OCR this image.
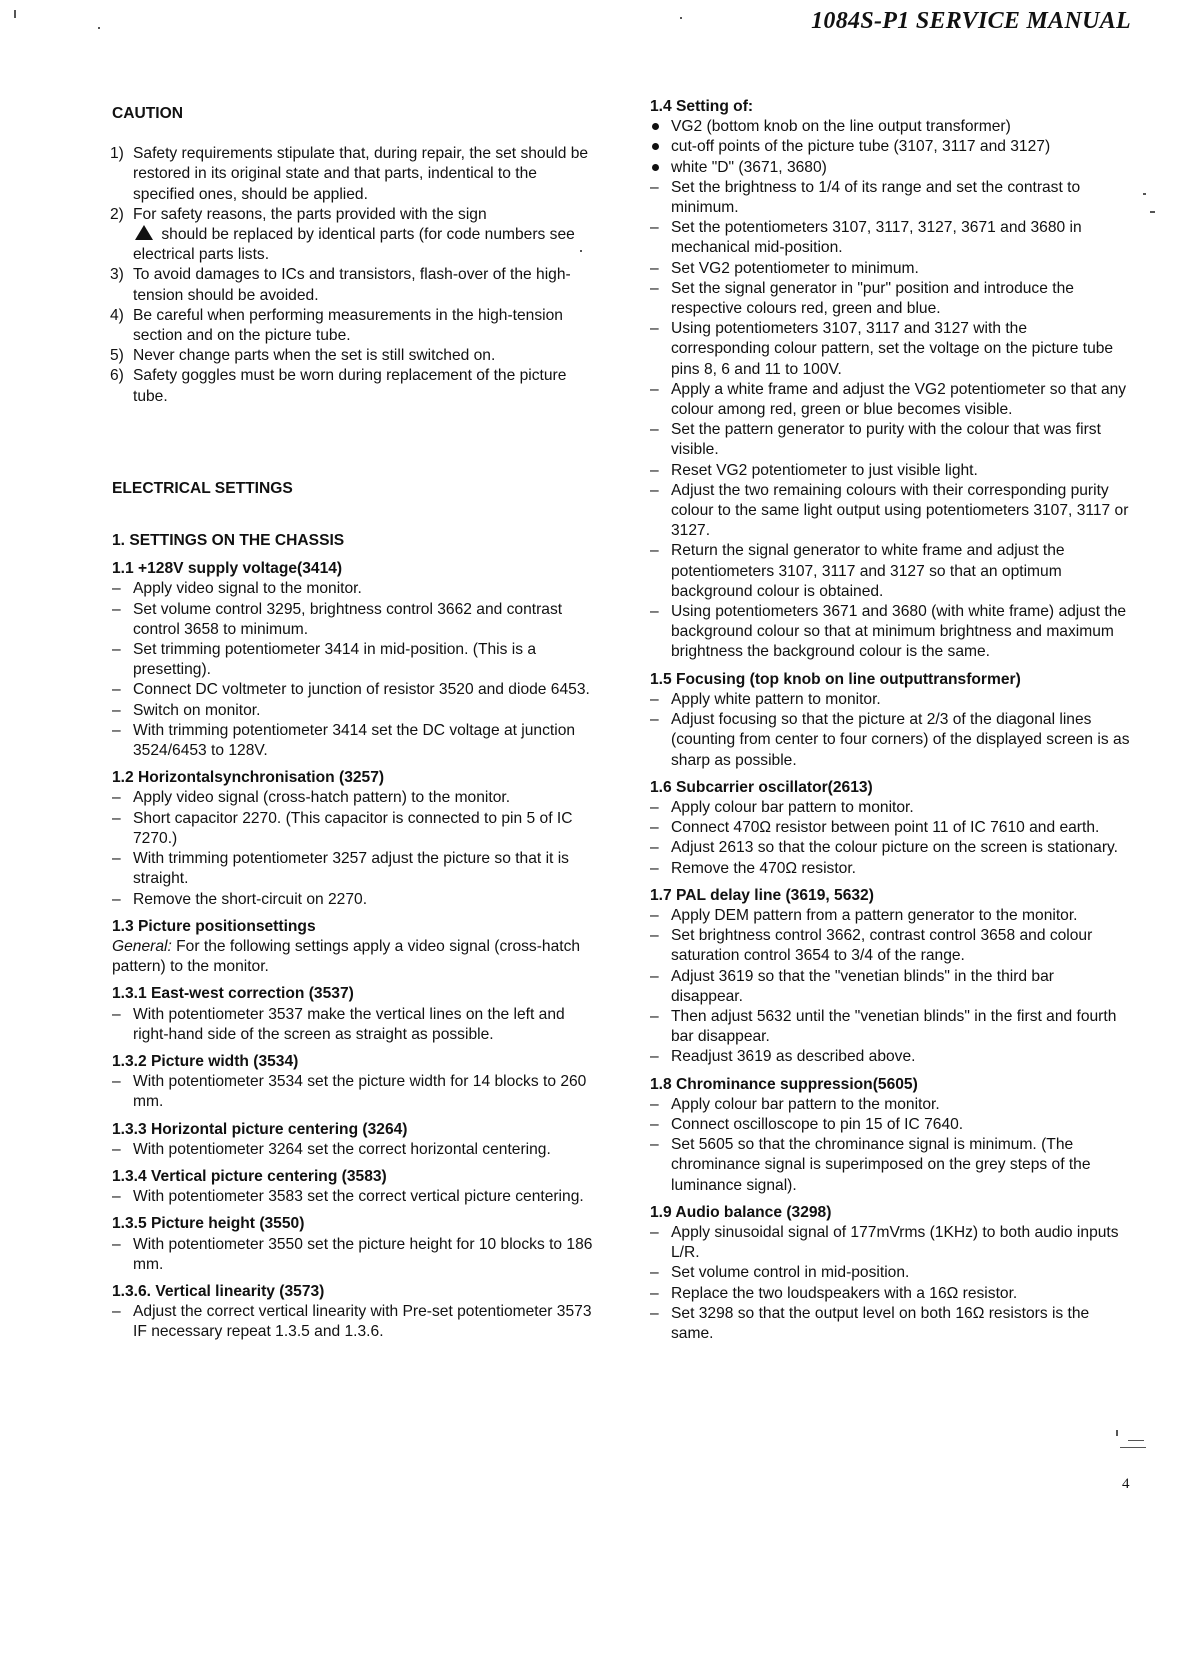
1084S-P1 SERVICE MANUAL
CAUTION
1) Safety requirements stipulate that, during repair, the set should be restored in its original state and that parts, indentical to the specified ones, should be applied.
2) For safety reasons, the parts provided with the sign
should be replaced by identical parts (for code numbers see electrical parts lists.
3) To avoid damages to ICs and transistors, flash-over of the high-tension should be avoided.
4) Be careful when performing measurements in the high-tension section and on the picture tube.
5) Never change parts when the set is still switched on.
6) Safety goggles must be worn during replacement of the picture tube.
ELECTRICAL SETTINGS
1. SETTINGS ON THE CHASSIS
1.1 +128V supply voltage(3414)
– Apply video signal to the monitor.
– Set volume control 3295, brightness control 3662 and contrast control 3658 to minimum.
– Set trimming potentiometer 3414 in mid-position. (This is a presetting).
– Connect DC voltmeter to junction of resistor 3520 and diode 6453.
– Switch on monitor.
– With trimming potentiometer 3414 set the DC voltage at junction 3524/6453 to 128V.
1.2 Horizontalsynchronisation (3257)
– Apply video signal (cross-hatch pattern) to the monitor.
– Short capacitor 2270. (This capacitor is connected to pin 5 of IC 7270.)
– With trimming potentiometer 3257 adjust the picture so that it is straight.
– Remove the short-circuit on 2270.
1.3 Picture positionsettings
General: For the following settings apply a video signal (cross-hatch pattern) to the monitor.
1.3.1 East-west correction (3537)
– With potentiometer 3537 make the vertical lines on the left and right-hand side of the screen as straight as possible.
1.3.2 Picture width (3534)
– With potentiometer 3534 set the picture width for 14 blocks to 260 mm.
1.3.3 Horizontal picture centering (3264)
– With potentiometer 3264 set the correct horizontal centering.
1.3.4 Vertical picture centering (3583)
– With potentiometer 3583 set the correct vertical picture centering.
1.3.5 Picture height (3550)
– With potentiometer 3550 set the picture height for 10 blocks to 186 mm.
1.3.6. Vertical linearity (3573)
– Adjust the correct vertical linearity with Pre-set potentiometer 3573 IF necessary repeat 1.3.5 and 1.3.6.
1.4 Setting of:
VG2 (bottom knob on the line output transformer)
cut-off points of the picture tube (3107, 3117 and 3127)
white "D" (3671, 3680)
– Set the brightness to 1/4 of its range and set the contrast to minimum.
– Set the potentiometers 3107, 3117, 3127, 3671 and 3680 in mechanical mid-position.
– Set VG2 potentiometer to minimum.
– Set the signal generator in "pur" position and introduce the respective colours red, green and blue.
– Using potentiometers 3107, 3117 and 3127 with the corresponding colour pattern, set the voltage on the picture tube pins 8, 6 and 11 to 100V.
– Apply a white frame and adjust the VG2 potentiometer so that any colour among red, green or blue becomes visible.
– Set the pattern generator to purity with the colour that was first visible.
– Reset VG2 potentiometer to just visible light.
– Adjust the two remaining colours with their corresponding purity colour to the same light output using potentiometers 3107, 3117 or 3127.
– Return the signal generator to white frame and adjust the potentiometers 3107, 3117 and 3127 so that an optimum background colour is obtained.
– Using potentiometers 3671 and 3680 (with white frame) adjust the background colour so that at minimum brightness and maximum brightness the background colour is the same.
1.5 Focusing (top knob on line outputtransformer)
– Apply white pattern to monitor.
– Adjust focusing so that the picture at 2/3 of the diagonal lines (counting from center to four corners) of the displayed screen is as sharp as possible.
1.6 Subcarrier oscillator(2613)
– Apply colour bar pattern to monitor.
– Connect 470Ω resistor between point 11 of IC 7610 and earth.
– Adjust 2613 so that the colour picture on the screen is stationary.
– Remove the 470Ω resistor.
1.7 PAL delay line (3619, 5632)
– Apply DEM pattern from a pattern generator to the monitor.
– Set brightness control 3662, contrast control 3658 and colour saturation control 3654 to 3/4 of the range.
– Adjust 3619 so that the "venetian blinds" in the third bar disappear.
– Then adjust 5632 until the "venetian blinds" in the first and fourth bar disappear.
– Readjust 3619 as described above.
1.8 Chrominance suppression(5605)
– Apply colour bar pattern to the monitor.
– Connect oscilloscope to pin 15 of IC 7640.
– Set 5605 so that the chrominance signal is minimum. (The chrominance signal is superimposed on the grey steps of the luminance signal).
1.9 Audio balance (3298)
– Apply sinusoidal signal of 177mVrms (1KHz) to both audio inputs L/R.
– Set volume control in mid-position.
– Replace the two loudspeakers with a 16Ω resistor.
– Set 3298 so that the output level on both 16Ω resistors is the same.
4
